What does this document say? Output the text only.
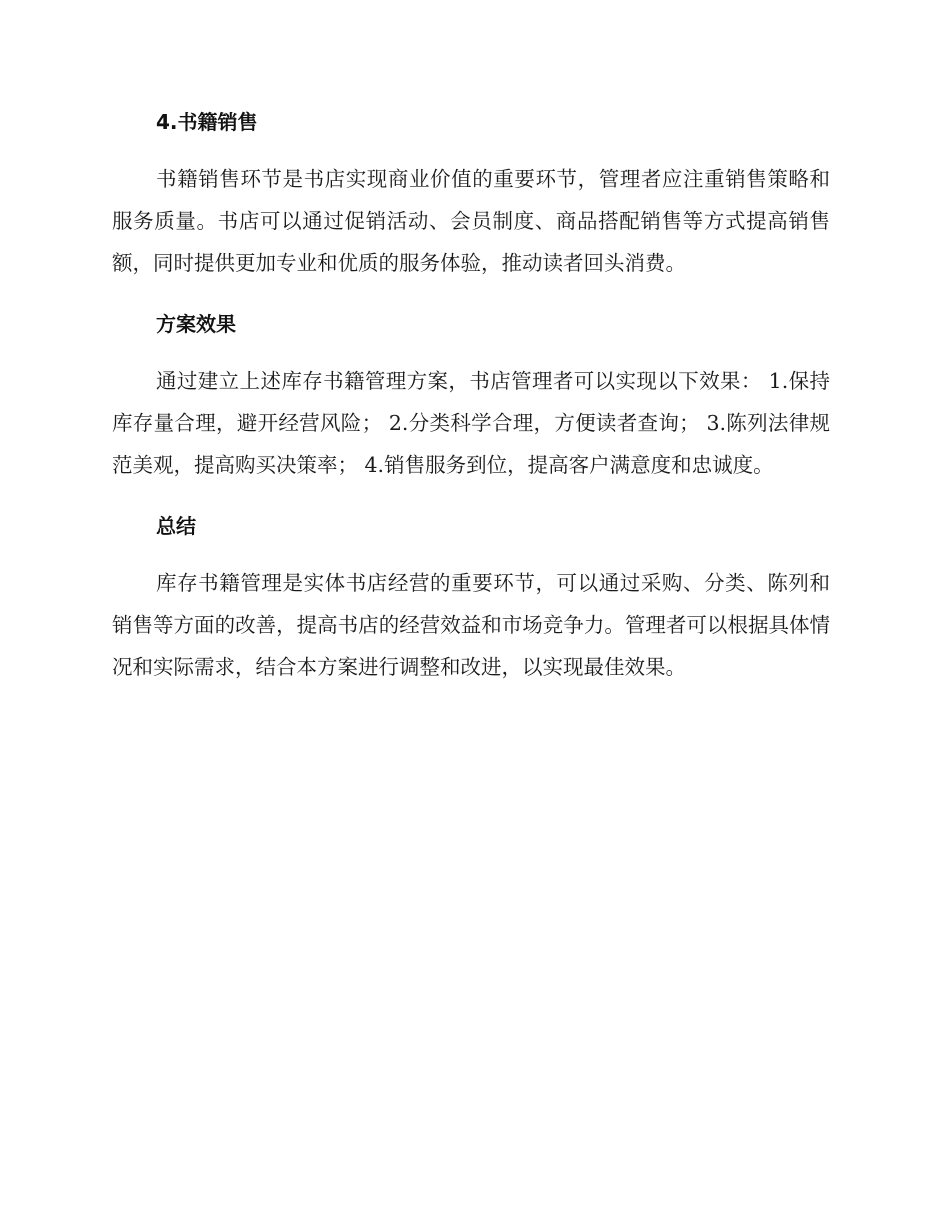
4.书籍销售

书籍销售环节是书店实现商业价值的重要环节，管理者应注重销售策略和服务质量。书店可以通过促销活动、会员制度、商品搭配销售等方式提高销售额，同时提供更加专业和优质的服务体验，推动读者回头消费。

方案效果

通过建立上述库存书籍管理方案，书店管理者可以实现以下效果： 1.保持库存量合理，避开经营风险； 2.分类科学合理，方便读者查询； 3.陈列法律规范美观，提高购买决策率； 4.销售服务到位，提高客户满意度和忠诚度。

总结

库存书籍管理是实体书店经营的重要环节，可以通过采购、分类、陈列和销售等方面的改善，提高书店的经营效益和市场竞争力。管理者可以根据具体情况和实际需求，结合本方案进行调整和改进，以实现最佳效果。
